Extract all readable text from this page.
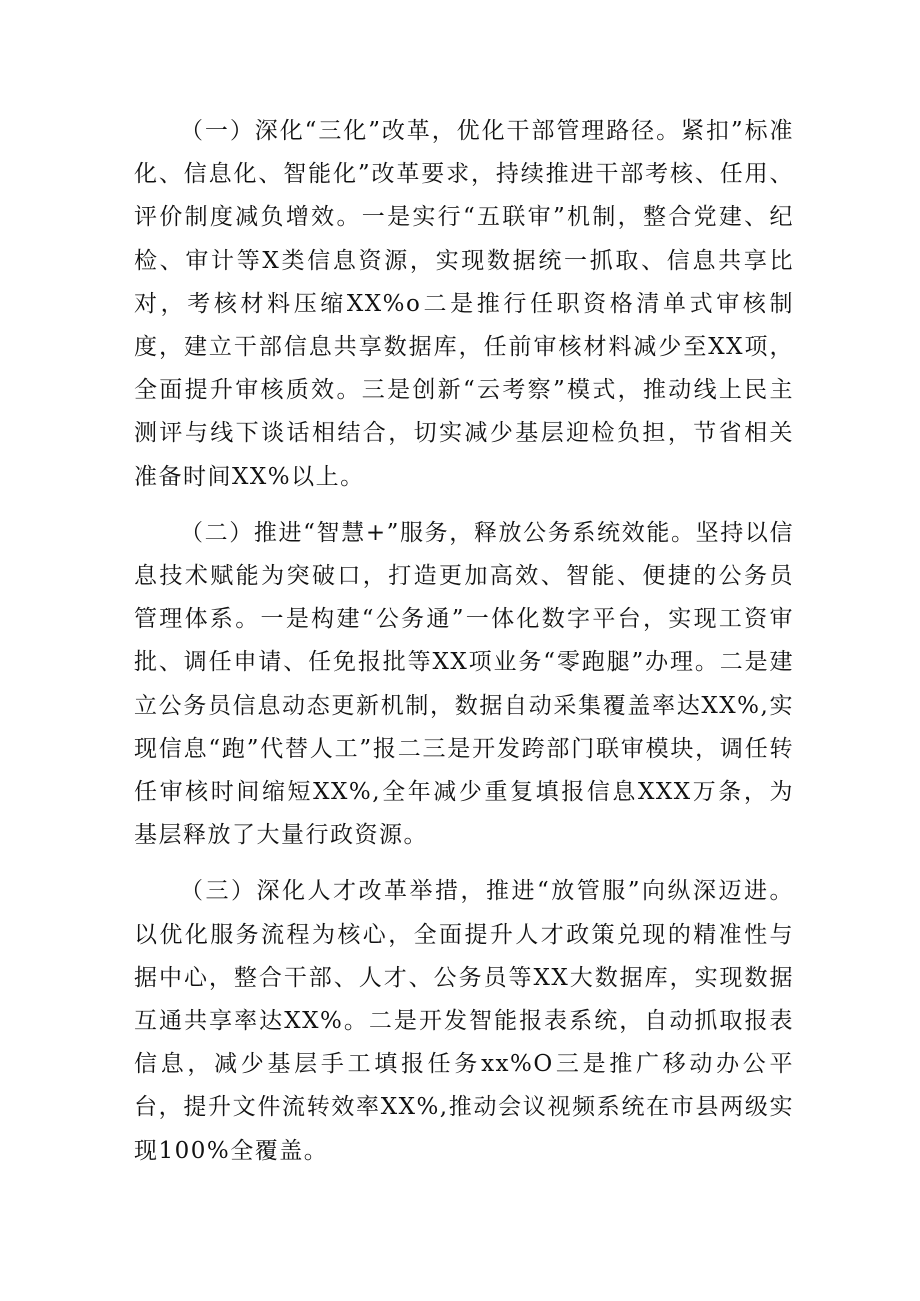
（一）深化“三化”改革，优化干部管理路径。紧扣”标准化、信息化、智能化”改革要求，持续推进干部考核、任用、评价制度减负增效。一是实行“五联审”机制，整合党建、纪检、审计等X类信息资源，实现数据统一抓取、信息共享比对，考核材料压缩XX%o二是推行任职资格清单式审核制度，建立干部信息共享数据库，任前审核材料减少至XX项，全面提升审核质效。三是创新“云考察”模式，推动线上民主测评与线下谈话相结合，切实减少基层迎检负担，节省相关准备时间XX%以上。

（二）推进“智慧+”服务，释放公务系统效能。坚持以信息技术赋能为突破口，打造更加高效、智能、便捷的公务员管理体系。一是构建“公务通”一体化数字平台，实现工资审批、调任申请、任免报批等XX项业务“零跑腿”办理。二是建立公务员信息动态更新机制，数据自动采集覆盖率达XX%,实现信息“跑”代替人工”报二三是开发跨部门联审模块，调任转任审核时间缩短XX%,全年减少重复填报信息XXX万条，为基层释放了大量行政资源。

（三）深化人才改革举措，推进“放管服”向纵深迈进。以优化服务流程为核心，全面提升人才政策兑现的精准性与据中心，整合干部、人才、公务员等XX大数据库，实现数据互通共享率达XX%。二是开发智能报表系统，自动抓取报表信息，减少基层手工填报任务xx%O三是推广移动办公平台，提升文件流转效率XX%,推动会议视频系统在市县两级实现100%全覆盖。
